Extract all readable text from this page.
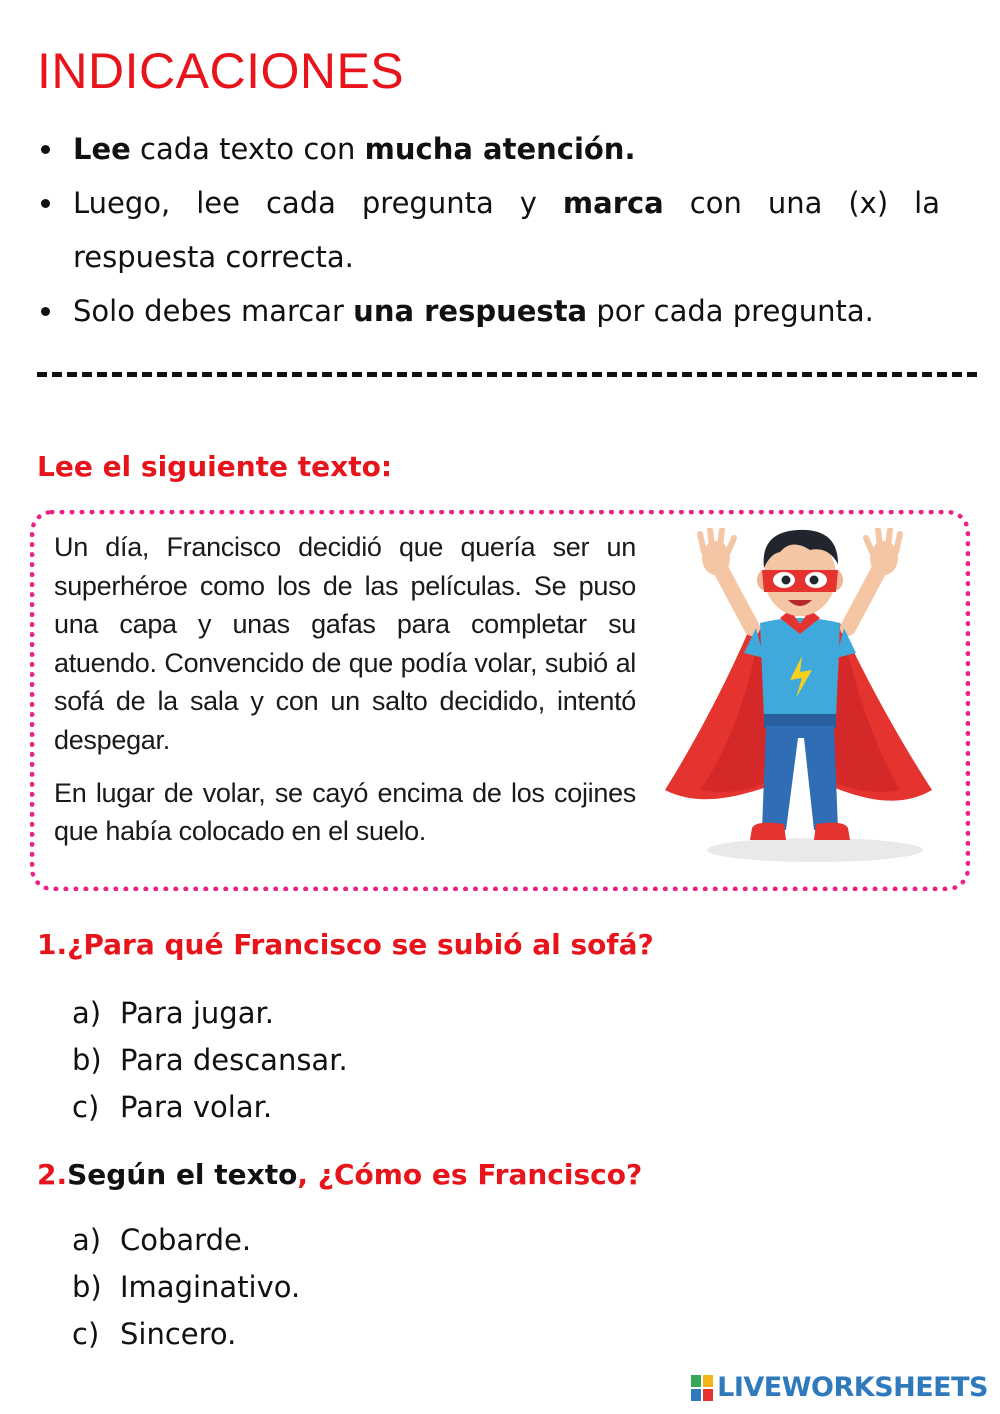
INDICACIONES
Lee cada texto con mucha atención.
Luego, lee cada pregunta y marca con una (x) la respuesta correcta.
Solo debes marcar una respuesta por cada pregunta.
Lee el siguiente texto:

Un día, Francisco decidió que quería ser un superhéroe como los de las películas. Se puso una capa y unas gafas para completar su atuendo. Convencido de que podía volar, subió al sofá de la sala y con un salto decidido, intentó despegar.

En lugar de volar, se cayó encima de los cojines que había colocado en el suelo.

1.¿Para qué Francisco se subió al sofá?
a) Para jugar.
b) Para descansar.
c) Para volar.
2.Según el texto, ¿Cómo es Francisco?
a) Cobarde.
b) Imaginativo.
c) Sincero.
LIVEWORKSHEETS
